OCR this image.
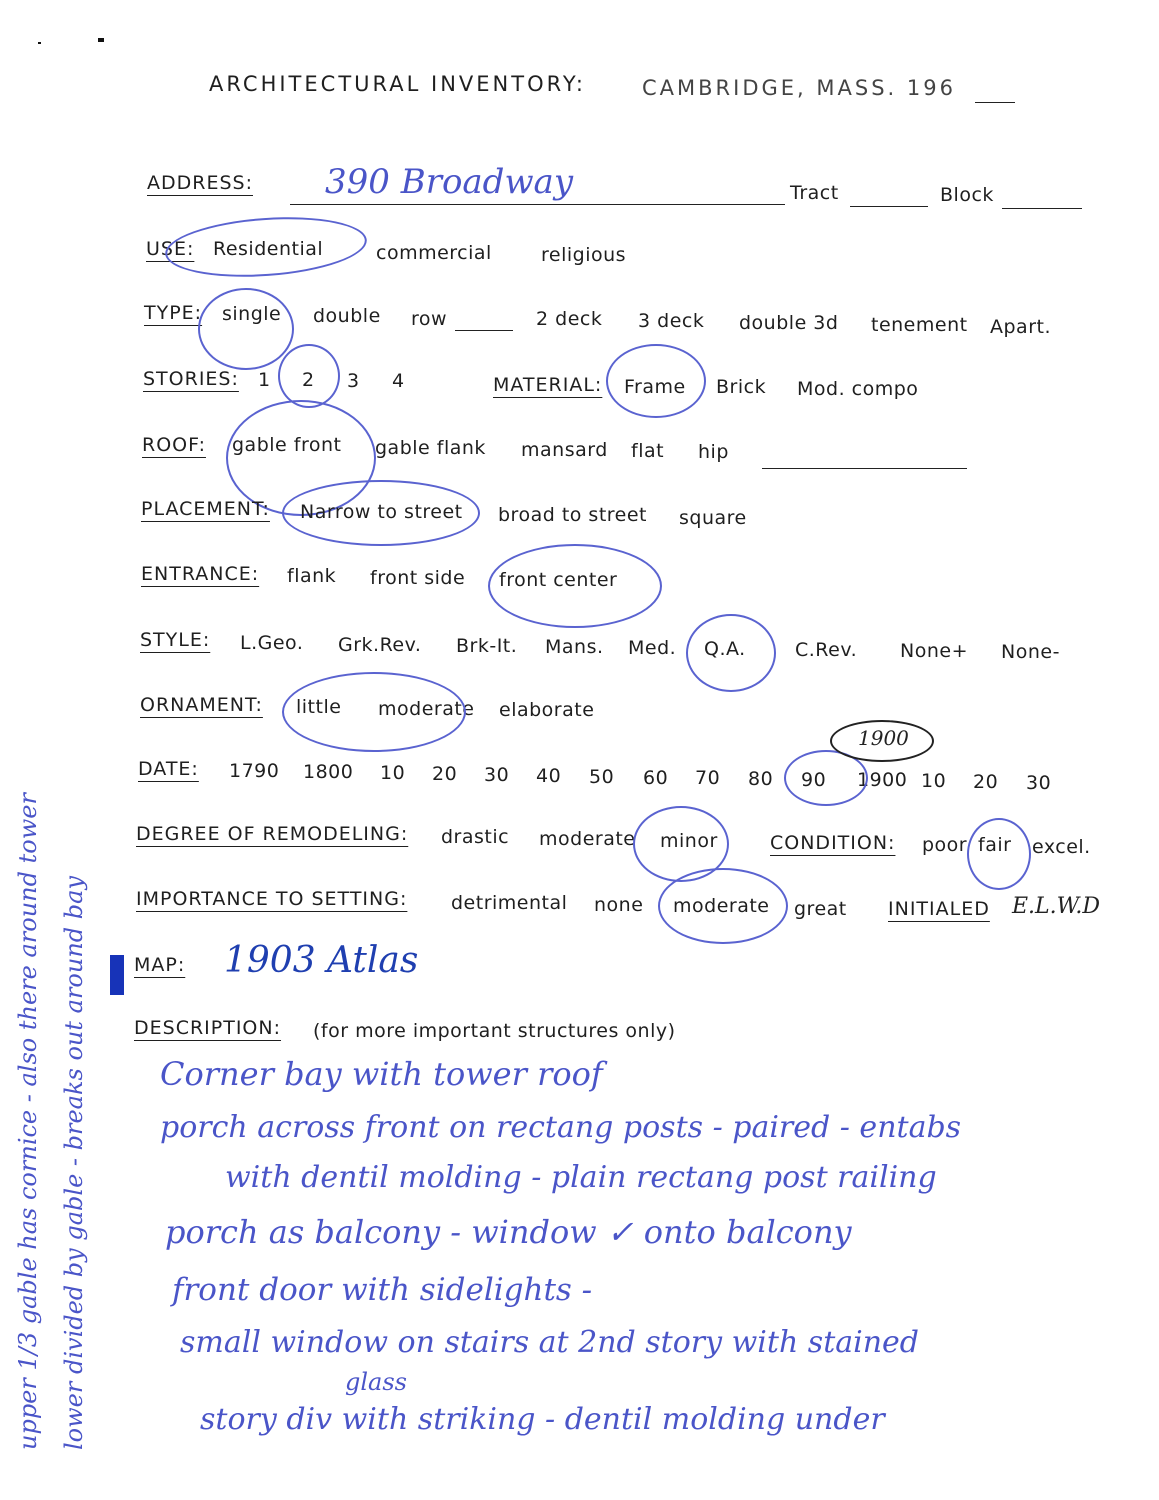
ARCHITECTURAL INVENTORY:	CAMBRIDGE, MASS. 196
ADDRESS: 390 Broadway	Tract	Block
USE: Residential	commercial	religious
TYPE: single double row	2 deck 3 deck double 3d tenement Apart.
STORIES: 1 2 3 4	MATERIAL: Frame Brick Mod. compo
ROOF: gable front gable flank mansard flat hip
PLACEMENT: Narrow to street broad to street square
ENTRANCE: flank front side front center
STYLE: L.Geo. Grk.Rev. Brk-It. Mans. Med. Q.A.	C.Rev. None+ None-
ORNAMENT: little moderate elaborate
DATE: 1790 1800 10 20 30 40 50 60 70 80 90 1900 10 20 30
1900
DEGREE OF REMODELING: drastic moderate minor	CONDITION: poor fair excel.
IMPORTANCE TO SETTING: detrimental none moderate great INITIALED E.L.W.D
MAP: 1903 Atlas
DESCRIPTION: (for more important structures only)
Corner bay with tower roof
porch across front on rectang posts - paired - entabs
with dentil molding - plain rectang post railing
porch as balcony - window ✓ onto balcony
front door with sidelights -
small window on stairs at 2nd story with stained
glass
story div with striking - dentil molding under
upper 1/3 gable has cornice - also there around tower lower divided by gable - breaks out around bay
